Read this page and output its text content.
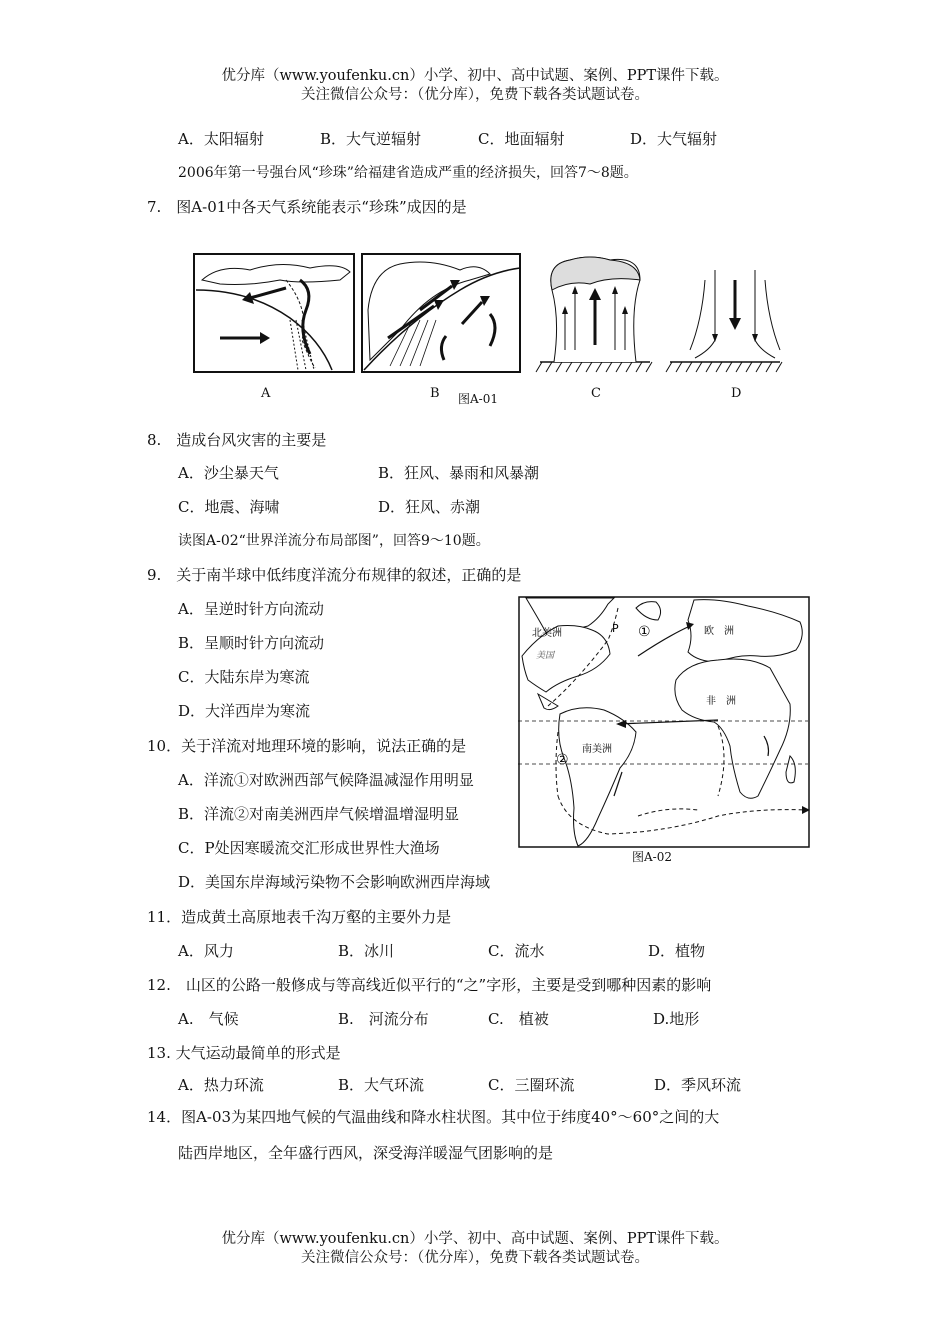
优分库（www.youfenku.cn）小学、初中、高中试题、案例、PPT课件下载。
关注微信公众号：（优分库），免费下载各类试题试卷。
A．太阳辐射	B．大气逆辐射	C．地面辐射	D．大气辐射
2006年第一号强台风“珍珠”给福建省造成严重的经济损失，回答7～8题。
7.　图A-01中各天气系统能表示“珍珠”成因的是
A	B 图A-01	C	D
8.　造成台风灾害的主要是
A．沙尘暴天气	B．狂风、暴雨和风暴潮
C．地震、海啸	D．狂风、赤潮
读图A-02“世界洋流分布局部图”，回答9～10题。
9.　关于南半球中低纬度洋流分布规律的叙述，正确的是
A．呈逆时针方向流动
B．呈顺时针方向流动
C．大陆东岸为寒流
D．大洋西岸为寒流
10．关于洋流对地理环境的影响，说法正确的是
A．洋流①对欧洲西部气候降温减湿作用明显
B．洋流②对南美洲西岸气候增温增湿明显
C．P处因寒暖流交汇形成世界性大渔场
D．美国东岸海域污染物不会影响欧洲西岸海域
北美洲
美国
P ①	欧　洲
非　洲
南美洲
②
图A-02
11．造成黄土高原地表千沟万壑的主要外力是
A．风力	B．冰川	C．流水	D．植物
12.　山区的公路一般修成与等高线近似平行的“之”字形，主要是受到哪种因素的影响
A.　气候	B.　河流分布	C.　植被	D.地形
13. 大气运动最简单的形式是
A．热力环流	B．大气环流	C．三圈环流	D．季风环流
14．图A-03为某四地气候的气温曲线和降水柱状图。其中位于纬度40°～60°之间的大
陆西岸地区，全年盛行西风，深受海洋暖湿气团影响的是
优分库（www.youfenku.cn）小学、初中、高中试题、案例、PPT课件下载。
关注微信公众号：（优分库），免费下载各类试题试卷。
